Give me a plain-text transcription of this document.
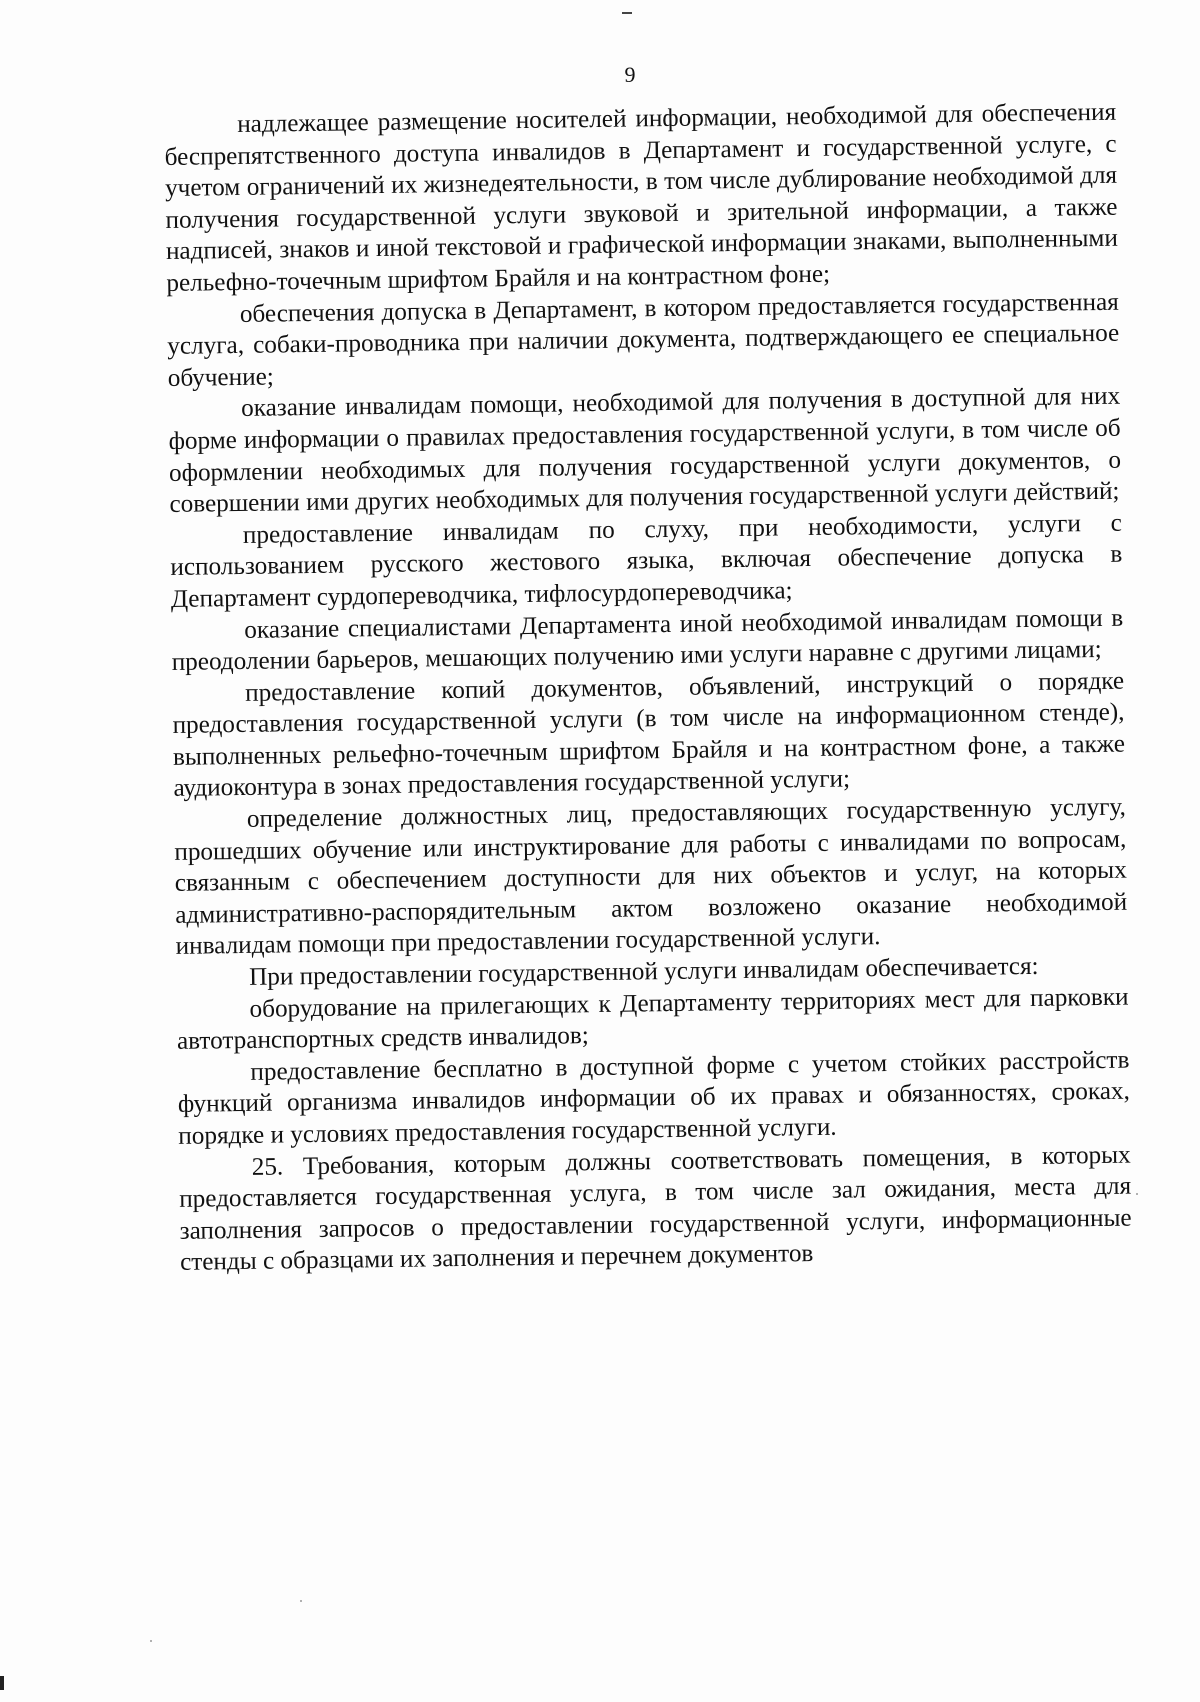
9

надлежащее размещение носителей информации, необходимой для обеспечения беспрепятственного доступа инвалидов в Департамент и государственной услуге, с учетом ограничений их жизнедеятельности, в том числе дублирование необходимой для получения государственной услуги звуковой и зрительной информации, а также надписей, знаков и иной текстовой и графической информации знаками, выполненными рельефно-точечным шрифтом Брайля и на контрастном фоне;

обеспечения допуска в Департамент, в котором предоставляется государственная услуга, собаки-проводника при наличии документа, подтверждающего ее специальное обучение;

оказание инвалидам помощи, необходимой для получения в доступной для них форме информации о правилах предоставления государственной услуги, в том числе об оформлении необходимых для получения государственной услуги документов, о совершении ими других необходимых для получения государственной услуги действий;

предоставление инвалидам по слуху, при необходимости, услуги с использованием русского жестового языка, включая обеспечение допуска в Департамент сурдопереводчика, тифлосурдопереводчика;

оказание специалистами Департамента иной необходимой инвалидам помощи в преодолении барьеров, мешающих получению ими услуги наравне с другими лицами;

предоставление копий документов, объявлений, инструкций о порядке предоставления государственной услуги (в том числе на информационном стенде), выполненных рельефно-точечным шрифтом Брайля и на контрастном фоне, а также аудиоконтура в зонах предоставления государственной услуги;

определение должностных лиц, предоставляющих государственную услугу, прошедших обучение или инструктирование для работы с инвалидами по вопросам, связанным с обеспечением доступности для них объектов и услуг, на которых административно-распорядительным актом возложено оказание необходимой инвалидам помощи при предоставлении государственной услуги.

При предоставлении государственной услуги инвалидам обеспечивается:

оборудование на прилегающих к Департаменту территориях мест для парковки автотранспортных средств инвалидов;

предоставление бесплатно в доступной форме с учетом стойких расстройств функций организма инвалидов информации об их правах и обязанностях, сроках, порядке и условиях предоставления государственной услуги.

25. Требования, которым должны соответствовать помещения, в которых предоставляется государственная услуга, в том числе зал ожидания, места для заполнения запросов о предоставлении государственной услуги, информационные стенды с образцами их заполнения и перечнем документов
